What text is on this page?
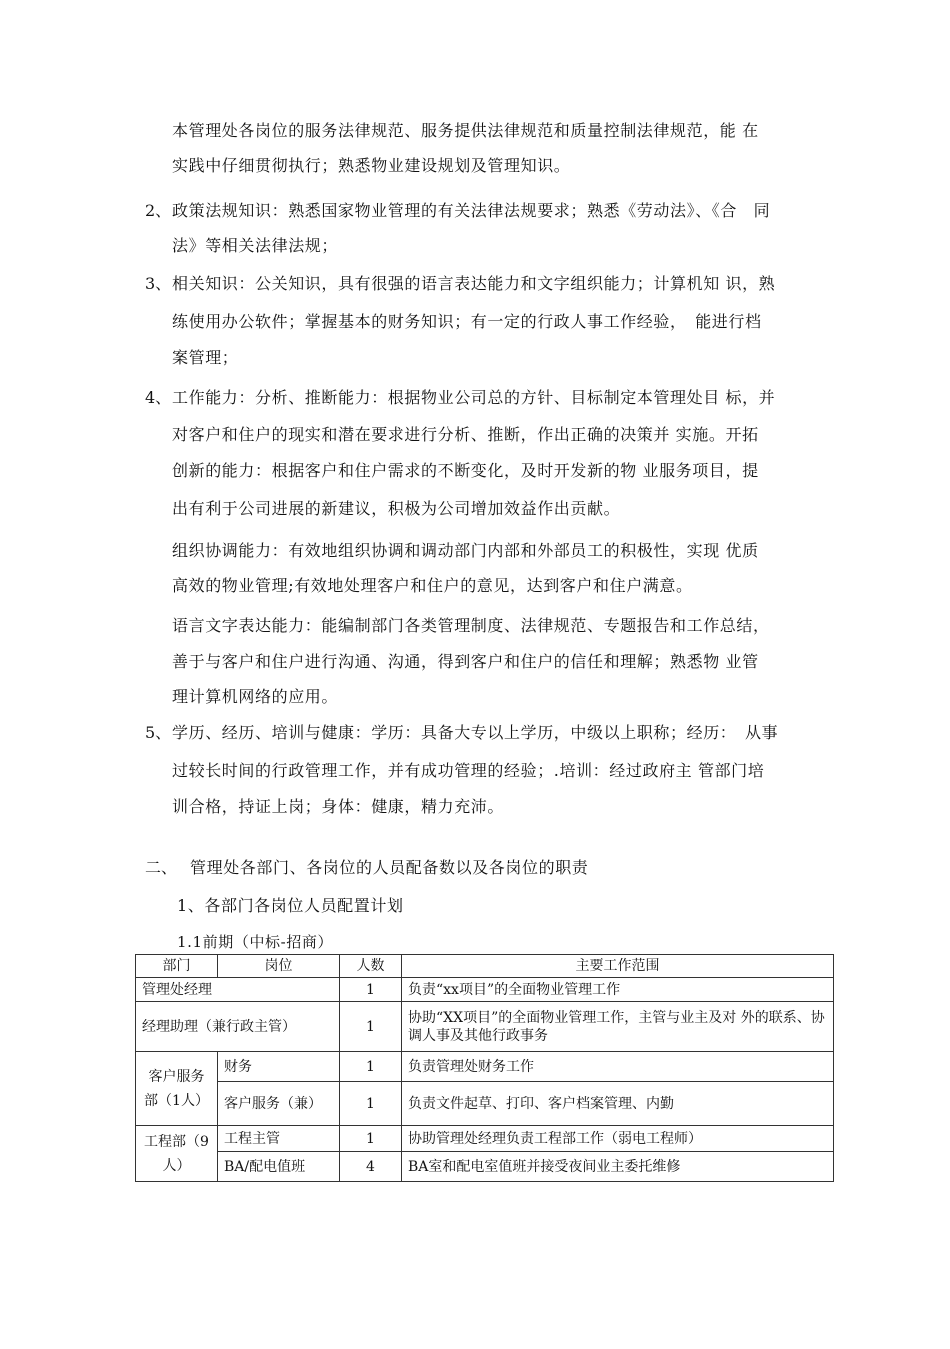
本管理处各岗位的服务法律规范、服务提供法律规范和质量控制法律规范，能 在
实践中仔细贯彻执行；熟悉物业建设规划及管理知识。
2、 政策法规知识：熟悉国家物业管理的有关法律法规要求；熟悉《劳动法》、《合　同
法》等相关法律法规；
3、 相关知识：公关知识，具有很强的语言表达能力和文字组织能力；计算机知 识，熟
练使用办公软件；掌握基本的财务知识；有一定的行政人事工作经验，　能进行档
案管理；
4、 工作能力：分析、推断能力：根据物业公司总的方针、目标制定本管理处目 标，并
对客户和住户的现实和潜在要求进行分析、推断，作出正确的决策并 实施。开拓
创新的能力：根据客户和住户需求的不断变化，及时开发新的物 业服务项目，提
出有利于公司进展的新建议，积极为公司增加效益作出贡献。
组织协调能力：有效地组织协调和调动部门内部和外部员工的积极性，实现 优质
高效的物业管理;有效地处理客户和住户的意见，达到客户和住户满意。
语言文字表达能力：能编制部门各类管理制度、法律规范、专题报告和工作总结，
善于与客户和住户进行沟通、沟通，得到客户和住户的信任和理解；熟悉物 业管
理计算机网络的应用。
5、 学历、经历、培训与健康：学历：具备大专以上学历，中级以上职称；经历：　从事
过较长时间的行政管理工作，并有成功管理的经验；.培训：经过政府主 管部门培
训合格，持证上岗；身体：健康，精力充沛。
二、 管理处各部门、各岗位的人员配备数以及各岗位的职责
1、各部门各岗位人员配置计划
1.1前期（中标-招商）
部门	岗位	人数	主要工作范围
管理处经理		1	负责“xx项目”的全面物业管理工作
经理助理（兼行政主管）		1	协助“XX项目”的全面物业管理工作，主管与业主及对 外的联系、协调人事及其他行政事务
客户服务部（1人）	财务	1	负责管理处财务工作
	客户服务（兼）	1	负责文件起草、打印、客户档案管理、内勤
工程部（9人）	工程主管	1	协助管理处经理负责工程部工作（弱电工程师）
	BA/配电值班	4	BA室和配电室值班并接受夜间业主委托维修
